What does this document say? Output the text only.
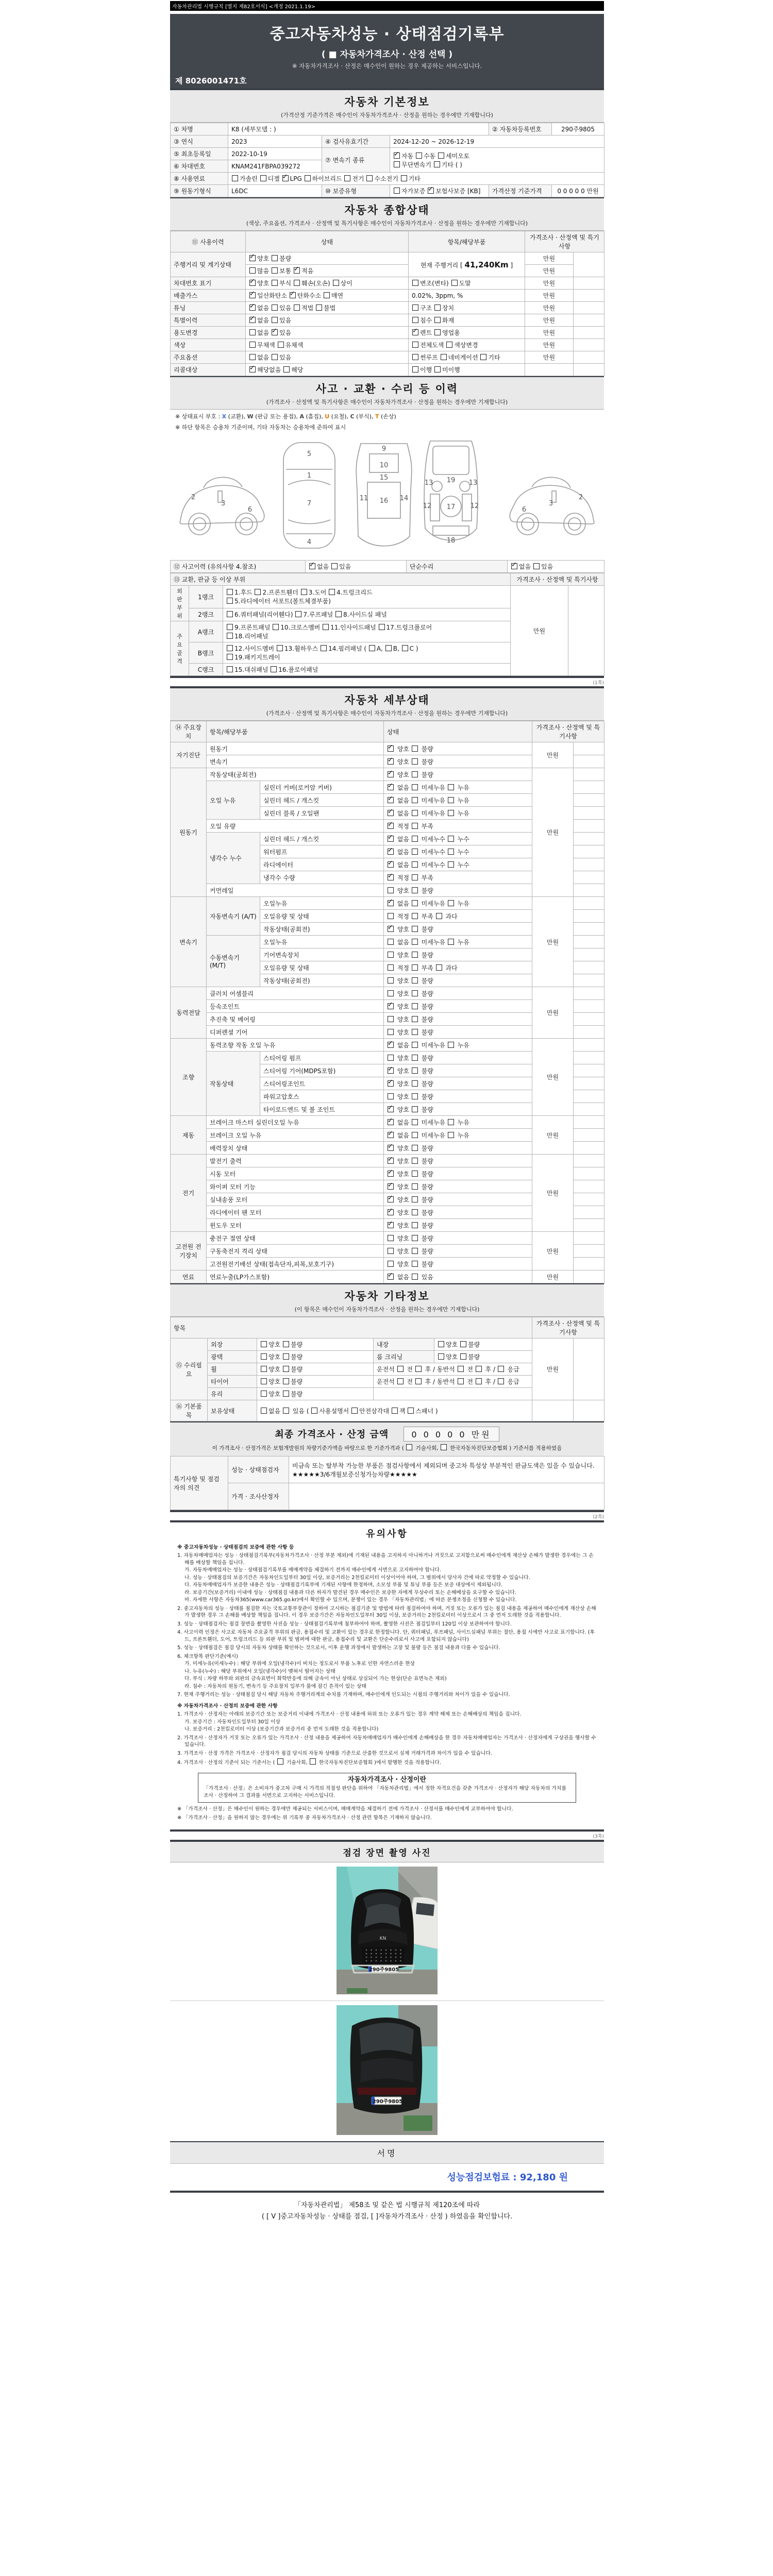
자동차관리법 시행규칙 [별지 제82호서식] <개정 2021.1.19>
중고자동차성능 · 상태점검기록부
( ■ 자동차가격조사 · 산정 선택 )
※ 자동차가격조사 · 산정은 매수인이 원하는 경우 제공하는 서비스입니다.
제 8026001471호
자동차 기본정보
(가격산정 기준가격은 매수인이 자동차가격조사 · 산정을 원하는 경우에만 기재합니다)
① 차명	K8 (세부모델 : )			② 자동차등록번호	290주9805
③ 연식	2023	④ 검사유효기간	2024-12-20 ~ 2026-12-19		
⑤ 최초등록일	2022-10-19	⑦ 변속기 종류	✓자동 수동 세미오토
무단변속기 기타 ( )
⑥ 차대번호	KNAM241FBPA039272				
⑧ 사용연료	가솔린 디젤 ✓LPG 하이브리드 전기 수소전기 기타
⑨ 원동기형식	L6DC	⑩ 보증유형	자가보증 ✓보험사보증 [KB]	가격산정 기준가격	0 0 0 0 0 만원
자동차 종합상태
(색상, 주요옵션, 가격조사 · 산정액 및 특기사항은 매수인이 자동차가격조사 · 산정을 원하는 경우에만 기재합니다)
⑪ 사용이력	상태	항목/해당부품	가격조사 · 산정액 및 특기사항	
주행거리 및 계기상태	✓양호 불량	현재 주행거리 [ 41,240Km ]	만원	
	많음 보통 ✓적음		만원	
차대번호 표기	✓양호 부식 훼손(오손) 상이	변조(변타) 도말	만원	
배출가스	✓일산화탄소 ✓탄화수소 매연	0.02%, 3ppm, %	만원	
튜닝	✓없음 있음 적법 불법	구조 장치	만원	
특별이력	✓없음 있음	침수 화재	만원	
용도변경	없음 ✓있음	✓렌트 영업용	만원	
색상	무채색 유채색	전체도색 색상변경	만원	
주요옵션	없음 있음	썬루프 네비게이션 기타	만원	
리콜대상	✓해당없음 해당	이행 미이행		
사고 · 교환 · 수리 등 이력
(가격조사 · 산정액 및 특기사항은 매수인이 자동차가격조사 · 산정을 원하는 경우에만 기재합니다)
※ 상태표시 부호 : X (교환), W (판금 또는 용접), A (흠집), U (요철), C (부식), T (손상)
※ 하단 항목은 승용차 기준이며, 기타 자동차는 승용차에 준하여 표시
2
3
6
5
1
7
4
9
10
15
11	14
16
13 19 13
12 17 12
18
6
3
2
⑫ 사고이력 (유의사항 4.참조)	✓없음 있음	단순수리	✓없음 있음
⑬ 교환, 판금 등 이상 부위			가격조사 · 산정액 및 특기사항	
외
판
부
위	1랭크	1.후드 2.프론트휀더 3.도어 4.트렁크리드
5.라디에이터 서포트(볼트체결부품)	만원	
	2랭크	6.쿼터패널(리어휀다) 7.루프패널 8.사이드실 패널		
주
요
골
격	A랭크	9.프론트패널 10.크로스멤버 11.인사이드패널 17.트렁크플로어
18.리어패널		
	B랭크	12.사이드멤버 13.휠하우스 14.필러패널 ( A, B, C )
19.패키지트레이		
	C랭크	15.대쉬패널 16.플로어패널		
(1쪽)
자동차 세부상태
(가격조사 · 산정액 및 특기사항은 매수인이 자동차가격조사 · 산정을 원하는 경우에만 기재합니다)
⑭ 주요장치	항목/해당부품		상태	가격조사 · 산정액 및 특기사항	
자기진단	원동기	✓ 양호  불량	만원	
	변속기	✓ 양호  불량	
원동기	작동상태(공회전)	✓ 양호  불량	만원	
	오일 누유	실린더 커버(로커암 커버)	✓ 없음  미세누유  누유	
		실린더 헤드 / 개스킷	✓ 없음  미세누유  누유	
		실린더 블록 / 오일팬	✓ 없음  미세누유  누유	
	오일 유량	✓ 적정  부족	
	냉각수 누수	실린더 헤드 / 개스킷	✓ 없음  미세누수  누수	
		워터펌프	✓ 없음  미세누수  누수	
		라디에이터	✓ 없음  미세누수  누수	
		냉각수 수량	✓ 적정  부족	
	커먼레일		양호  불량		
변속기	자동변속기 (A/T)	오일누유	✓ 없음  미세누유  누유	만원	
		오일유량 및 상태	적정  부족  과다		
		작동상태(공회전)	✓ 양호  불량	
	수동변속기 (M/T)	오일누유	없음  미세누유  누유		
		기어변속장치	양호  불량		
		오일유량 및 상태	적정  부족  과다		
		작동상태(공회전)	양호  불량		
동력전달	클러치 어셈블리		양호  불량	만원	
	등속조인트	✓ 양호  불량	
	추진축 및 베어링		양호  불량		
	디퍼렌셜 기어		양호  불량		
조향	동력조향 작동 오일 누유	✓ 없음  미세누유  누유	만원	
	작동상태	스티어링 펌프	양호  불량		
		스티어링 기어(MDPS포함)	✓ 양호  불량	
		스티어링조인트	✓ 양호  불량	
		파워고압호스	양호  불량		
		타이로드엔드 및 볼 조인트	✓ 양호  불량	
제동	브레이크 마스터 실린더오일 누유	✓ 없음  미세누유  누유	만원	
	브레이크 오일 누유	✓ 없음  미세누유  누유	
	배력장치 상태	✓ 양호  불량	
전기	발전기 출력	✓ 양호  불량	만원	
	시동 모터	✓ 양호  불량	
	와이퍼 모터 기능	✓ 양호  불량	
	실내송풍 모터	✓ 양호  불량	
	라디에이터 팬 모터	✓ 양호  불량	
	윈도우 모터	✓ 양호  불량	
고전원 전기장치	충전구 절연 상태		양호  불량	만원	
	구동축전지 격리 상태		양호  불량		
	고전원전기배선 상태(접속단자,피복,보호기구)		양호  불량		
연료	연료누출(LP가스포함)	✓ 없음  있음	만원	
자동차 기타정보
(이 항목은 매수인이 자동차가격조사 · 산정을 원하는 경우에만 기재합니다)
항목					가격조사 · 산정액 및 특기사항	
⑮ 수리필요	외장	양호 불량	내장	양호 불량	만원	
	광택	양호 불량	룸 크리닝	양호 불량		
	휠	양호 불량	운전석  전  후 / 동반석  전  후 /  응급			
	타이어	양호 불량	운전석  전  후 / 동반석  전  후 /  응급			
	유리	양호 불량				
⑯ 기본품목	보유상태	없음  있음 ( 사용설명서 안전삼각대 잭 스패너 )				
최종 가격조사 · 산정 금액	0 0 0 0 0 만원
이 가격조사 · 산정가격은 보험개발원의 차량기준가액을 바탕으로 한 기준가격과 (  기술사회,  한국자동차진단보증협회 ) 기준서를 적용하였음
특기사항 및 점검자의 의견	성능 · 상태점검자	비금속 또는 탈부착 가능한 부품은 점검사항에서 제외되며 중고차 특성상 부분적인 판금도색은 있을 수 있습니다. ★★★★★3/6개월보증신청가능차량★★★★★
	가격 · 조사산정자	
(2쪽)
유의사항
※ 중고자동차성능 · 상태점검의 보증에 관한 사항 등
1. 자동차매매업자는 성능 · 상태점검기록부(자동차가격조사 · 산정 부분 제외)에 기재된 내용을 고지하지 아니하거나 거짓으로 고지함으로써 매수인에게 재산상 손해가 발생한 경우에는 그 손해를 배상할 책임을 집니다.
가. 자동차매매업자는 성능 · 상태점검기록부를 매매계약을 체결하기 전까지 매수인에게 서면으로 고지하여야 합니다.
나. 성능 · 상태점검의 보증기간은 자동차인도일부터 30일 이상, 보증거리는 2천킬로미터 이상이어야 하며, 그 범위에서 당사자 간에 따로 약정할 수 있습니다.
다. 자동차매매업자가 보증한 내용은 성능 · 상태점검기록부에 기재된 사항에 한정하며, 소모성 부품 및 튜닝 부품 등은 보증 대상에서 제외됩니다.
라. 보증기간(보증거리) 이내에 성능 · 상태점검 내용과 다른 하자가 발견된 경우 매수인은 보증한 자에게 무상수리 또는 손해배상을 요구할 수 있습니다.
마. 자세한 사항은 자동차365(www.car365.go.kr)에서 확인할 수 있으며, 분쟁이 있는 경우 「자동차관리법」에 따른 분쟁조정을 신청할 수 있습니다.
2. 중고자동차의 성능 · 상태를 점검한 자는 국토교통부장관이 정하여 고시하는 점검기준 및 방법에 따라 점검하여야 하며, 거짓 또는 오류가 있는 점검 내용을 제공하여 매수인에게 재산상 손해가 발생한 경우 그 손해를 배상할 책임을 집니다. 이 경우 보증기간은 자동차인도일부터 30일 이상, 보증거리는 2천킬로미터 이상으로서 그 중 먼저 도래한 것을 적용합니다.
3. 성능 · 상태점검자는 점검 장면을 촬영한 사진을 성능 · 상태점검기록부에 첨부하여야 하며, 촬영한 사진은 점검일부터 120일 이상 보관하여야 합니다.
4. 사고이력 인정은 사고로 자동차 주요골격 부위의 판금, 용접수리 및 교환이 있는 경우로 한정합니다. 단, 쿼터패널, 루프패널, 사이드실패널 부위는 절단, 용접 시에만 사고로 표기합니다. (후드, 프론트휀더, 도어, 트렁크리드 등 외판 부위 및 범퍼에 대한 판금, 용접수리 및 교환은 단순수리로서 사고에 포함되지 않습니다)
5. 성능 · 상태점검은 점검 당시의 자동차 상태를 확인하는 것으로서, 이후 운행 과정에서 발생하는 고장 및 불량 등은 점검 내용과 다를 수 있습니다.
6. 체크항목 판단기준(예시)
가. 미세누유(미세누수) : 해당 부위에 오일(냉각수)이 비치는 정도로서 부품 노후로 인한 자연스러운 현상
나. 누유(누수) : 해당 부위에서 오일(냉각수)이 맺혀서 떨어지는 상태
다. 부식 : 차량 하부와 외판의 금속표면이 화학반응에 의해 금속이 아닌 상태로 상실되어 가는 현상(단순 표면녹은 제외)
라. 침수 : 자동차의 원동기, 변속기 등 주요장치 일부가 물에 잠긴 흔적이 있는 상태
7. 현재 주행거리는 성능 · 상태점검 당시 해당 자동차 주행거리계의 수치를 기재하며, 매수인에게 인도되는 시점의 주행거리와 차이가 있을 수 있습니다.
※ 자동차가격조사 · 산정의 보증에 관한 사항
1. 가격조사 · 산정자는 아래의 보증기간 또는 보증거리 이내에 가격조사 · 산정 내용에 허위 또는 오류가 있는 경우 계약 해제 또는 손해배상의 책임을 집니다.
가. 보증기간 : 자동차인도일부터 30일 이상
나. 보증거리 : 2천킬로미터 이상 (보증기간과 보증거리 중 먼저 도래한 것을 적용합니다)
2. 가격조사 · 산정자가 거짓 또는 오류가 있는 가격조사 · 산정 내용을 제공하여 자동차매매업자가 매수인에게 손해배상을 한 경우 자동차매매업자는 가격조사 · 산정자에게 구상권을 행사할 수 있습니다.
3. 가격조사 · 산정 가격은 가격조사 · 산정자가 점검 당시의 자동차 상태를 기준으로 산출한 것으로서 실제 거래가격과 차이가 있을 수 있습니다.
4. 가격조사 · 산정의 기준이 되는 기준서는 (  기술사회,  한국자동차진단보증협회 )에서 발행한 것을 적용합니다.
자동차가격조사 · 산정이란
「가격조사 · 산정」은 소비자가 중고차 구매 시 가격의 적절성 판단을 위하여 「자동차관리법」에서 정한 자격요건을 갖춘 가격조사 · 산정자가 해당 자동차의 가치를 조사 · 산정하여 그 결과를 서면으로 고지하는 서비스입니다.
※ 「가격조사 · 산정」은 매수인이 원하는 경우에만 제공되는 서비스이며, 매매계약을 체결하기 전에 가격조사 · 산정서를 매수인에게 교부하여야 합니다.
※ 「가격조사 · 산정」을 원하지 않는 경우에는 위 기록부 중 자동차가격조사 · 산정 관련 항목은 기재하지 않습니다.
(3쪽)
점검 장면 촬영 사진
KN
290주9805
290주9805
서명
성능점검보험료 : 92,180 원
「자동차관리법」 제58조 및 같은 법 시행규칙 제120조에 따라
( [ V ]중고자동차성능 · 상태를 점검, [ ]자동차가격조사 · 산정 ) 하였음을 확인합니다.
